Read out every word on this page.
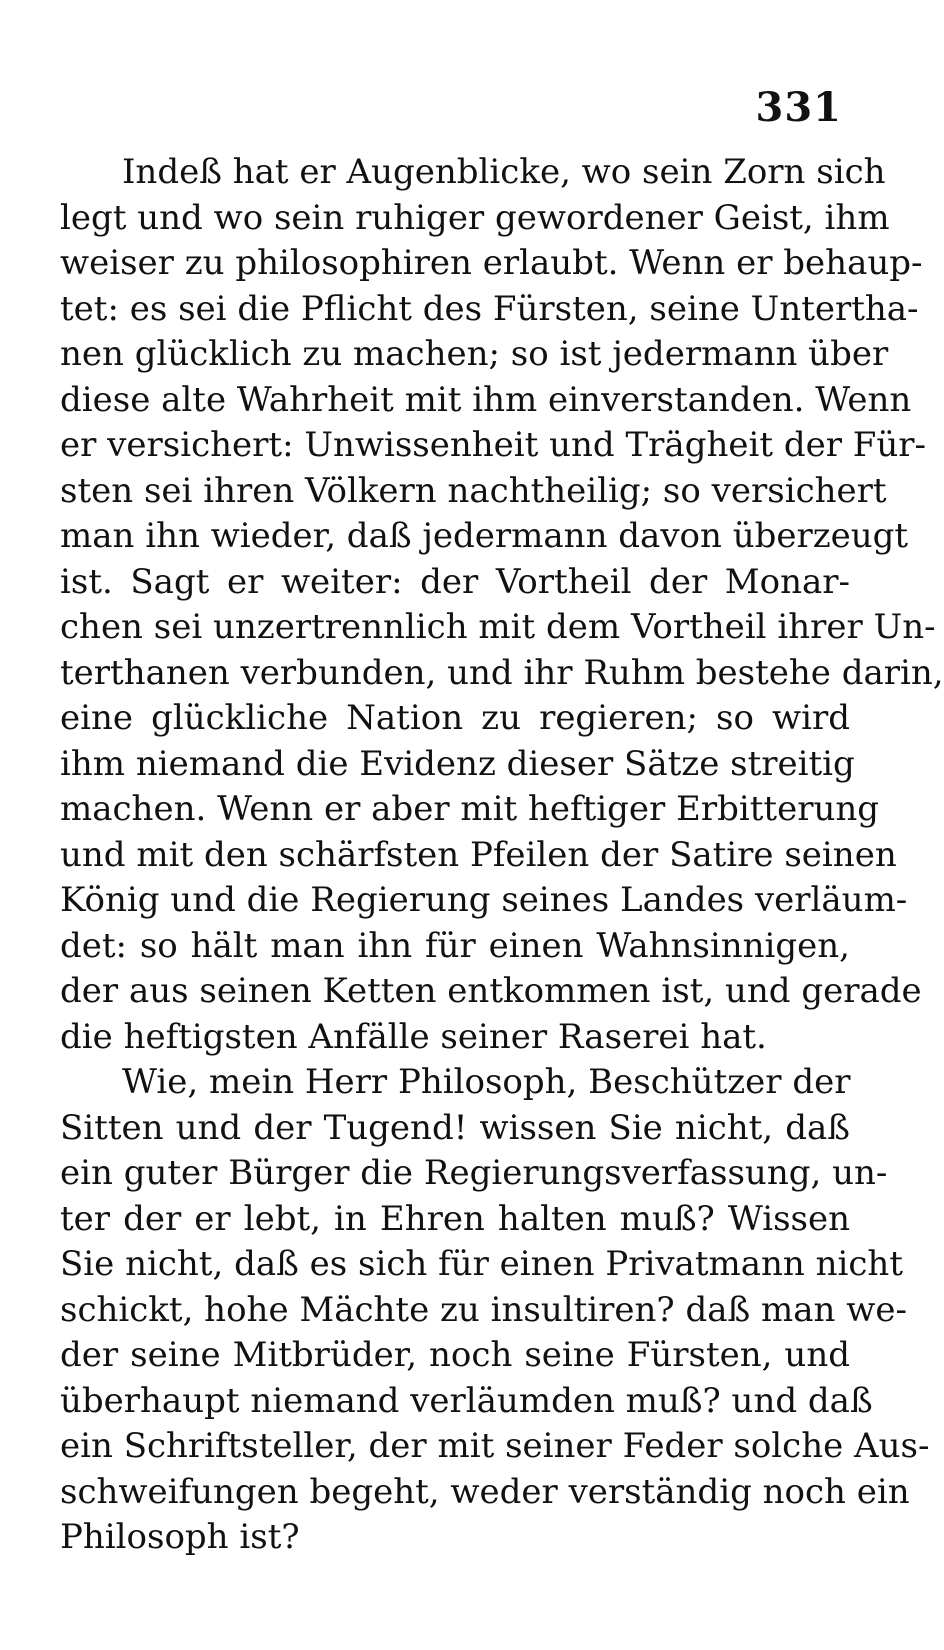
331
Indeß hat er Augenblicke, wo sein Zorn sich
legt und wo sein ruhiger gewordener Geist, ihm
weiser zu philosophiren erlaubt. Wenn er behaup-
tet: es sei die Pflicht des Fürsten, seine Untertha-
nen glücklich zu machen; so ist jedermann über
diese alte Wahrheit mit ihm einverstanden. Wenn
er versichert: Unwissenheit und Trägheit der Für-
sten sei ihren Völkern nachtheilig; so versichert
man ihn wieder, daß jedermann davon überzeugt
ist. Sagt er weiter: der Vortheil der Monar-
chen sei unzertrennlich mit dem Vortheil ihrer Un-
terthanen verbunden, und ihr Ruhm bestehe darin,
eine glückliche Nation zu regieren; so wird
ihm niemand die Evidenz dieser Sätze streitig
machen. Wenn er aber mit heftiger Erbitterung
und mit den schärfsten Pfeilen der Satire seinen
König und die Regierung seines Landes verläum-
det: so hält man ihn für einen Wahnsinnigen,
der aus seinen Ketten entkommen ist, und gerade
die heftigsten Anfälle seiner Raserei hat.
Wie, mein Herr Philosoph, Beschützer der
Sitten und der Tugend! wissen Sie nicht, daß
ein guter Bürger die Regierungsverfassung, un-
ter der er lebt, in Ehren halten muß? Wissen
Sie nicht, daß es sich für einen Privatmann nicht
schickt, hohe Mächte zu insultiren? daß man we-
der seine Mitbrüder, noch seine Fürsten, und
überhaupt niemand verläumden muß? und daß
ein Schriftsteller, der mit seiner Feder solche Aus-
schweifungen begeht, weder verständig noch ein
Philosoph ist?
